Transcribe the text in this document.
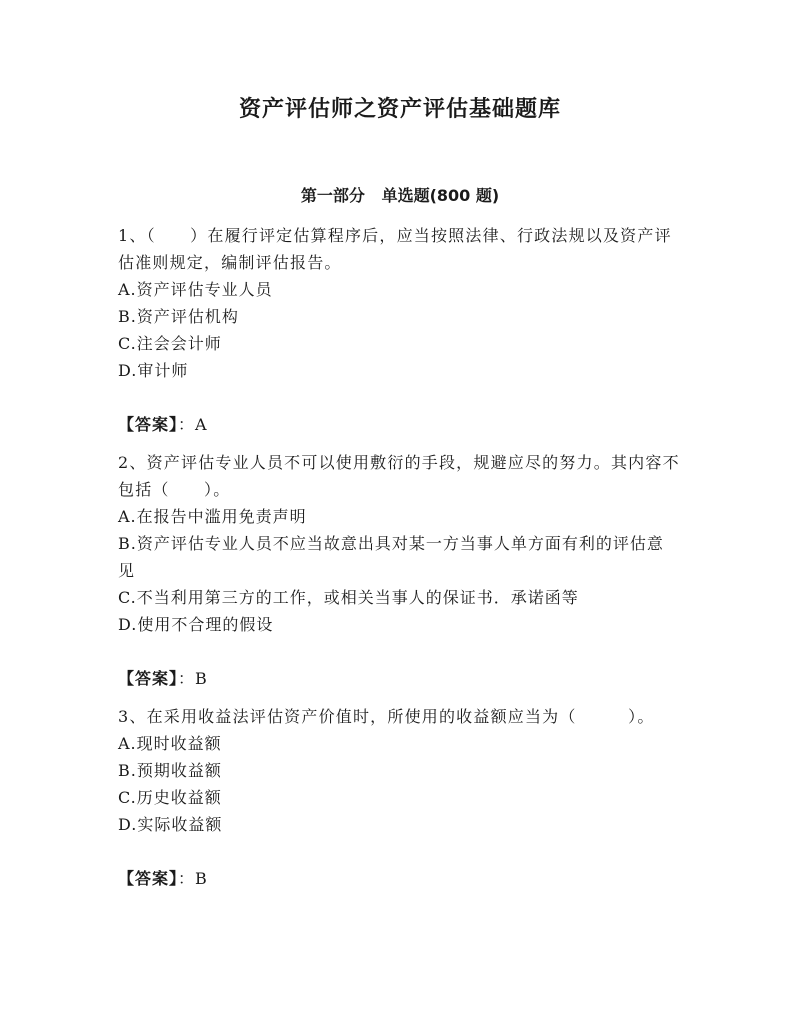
资产评估师之资产评估基础题库
第一部分 单选题(800 题)

1、（　　）在履行评定估算程序后，应当按照法律、行政法规以及资产评估准则规定，编制评估报告。

A.资产评估专业人员

B.资产评估机构

C.注会会计师

D.审计师

【答案】：A

2、资产评估专业人员不可以使用敷衍的手段，规避应尽的努力。其内容不包括（　　）。

A.在报告中滥用免责声明

B.资产评估专业人员不应当故意出具对某一方当事人单方面有利的评估意见

C.不当利用第三方的工作，或相关当事人的保证书．承诺函等

D.使用不合理的假设

【答案】：B

3、在采用收益法评估资产价值时，所使用的收益额应当为（　　　）。

A.现时收益额

B.预期收益额

C.历史收益额

D.实际收益额

【答案】：B
